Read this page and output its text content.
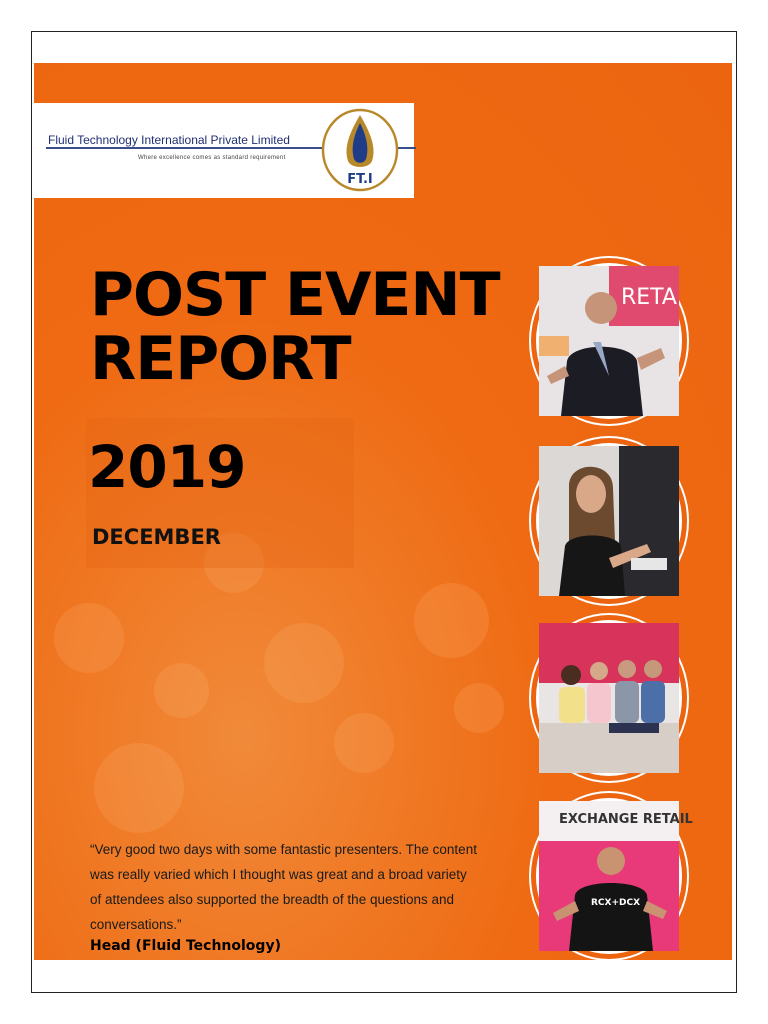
Fluid Technology International Private Limited
Where excellence comes as standard requirement
FT.I
POST EVENT
REPORT
2019
DECEMBER
RETA
EXCHANGE RETAIL
RCX+DCX

“Very good two days with some fantastic presenters. The content was really varied which I thought was great and a broad variety of attendees also supported the breadth of the questions and conversations.”

Head (Fluid Technology)
